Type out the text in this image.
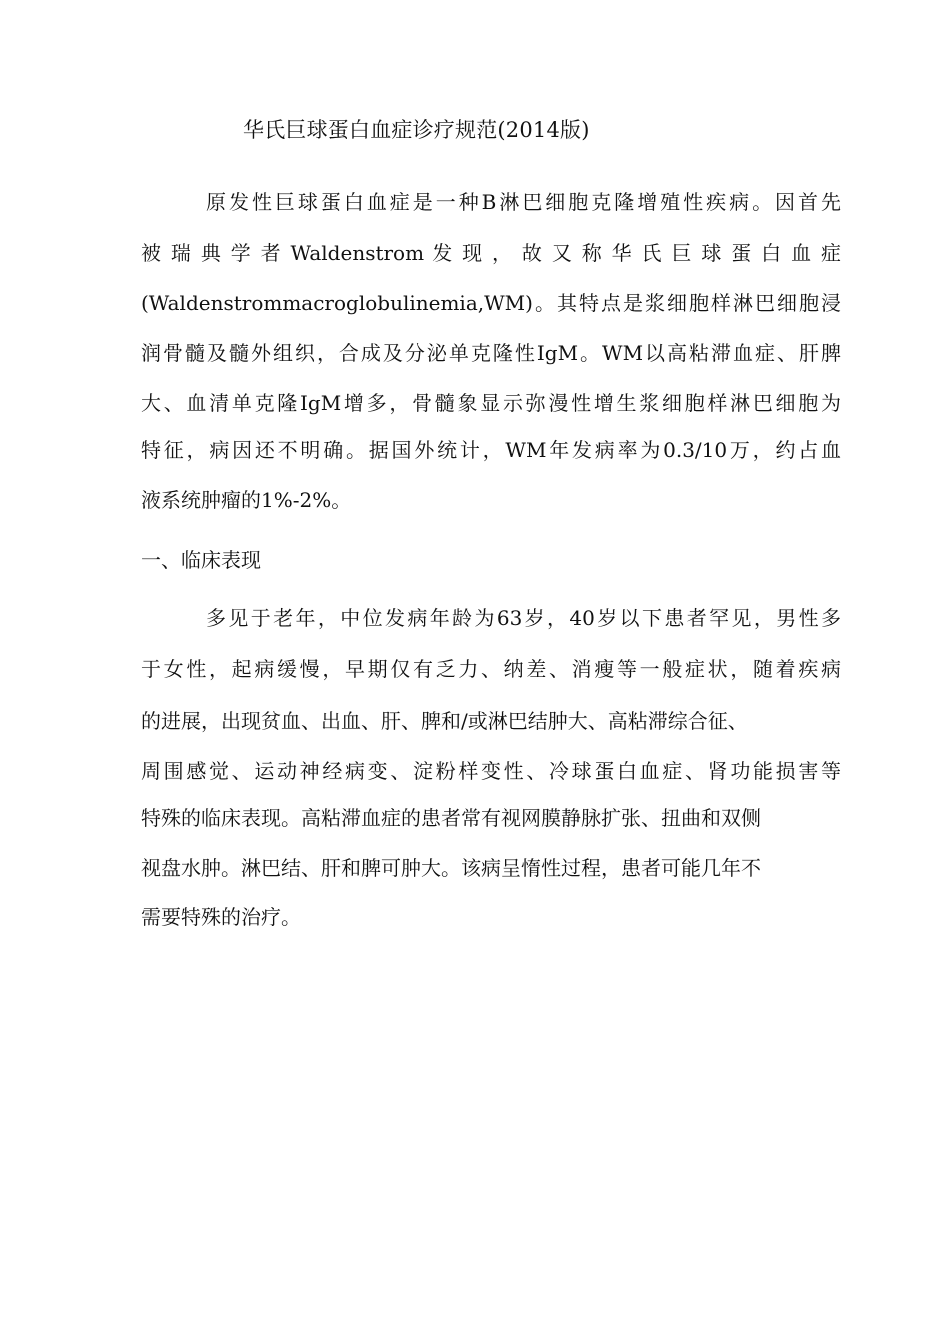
华氏巨球蛋白血症诊疗规范(2014版)
原发性巨球蛋白血症是一种B淋巴细胞克隆增殖性疾病。因首先
被 瑞 典 学 者 Waldenstrom 发 现 ， 故 又 称 华 氏 巨 球 蛋 白 血 症
(Waldenstrommacroglobulinemia,WM)。其特点是浆细胞样淋巴细胞浸
润骨髓及髓外组织，合成及分泌单克隆性IgM。WM以高粘滞血症、肝脾
大、血清单克隆IgM增多，骨髓象显示弥漫性增生浆细胞样淋巴细胞为
特征，病因还不明确。据国外统计，WM年发病率为0.3/10万，约占血
液系统肿瘤的1%-2%。
一、临床表现
多见于老年，中位发病年龄为63岁，40岁以下患者罕见，男性多
于女性，起病缓慢，早期仅有乏力、纳差、消瘦等一般症状，随着疾病
的进展，出现贫血、出血、肝、脾和/或淋巴结肿大、高粘滞综合征、
周围感觉、运动神经病变、淀粉样变性、冷球蛋白血症、肾功能损害等
特殊的临床表现。高粘滞血症的患者常有视网膜静脉扩张、扭曲和双侧
视盘水肿。淋巴结、肝和脾可肿大。该病呈惰性过程，患者可能几年不
需要特殊的治疗。
